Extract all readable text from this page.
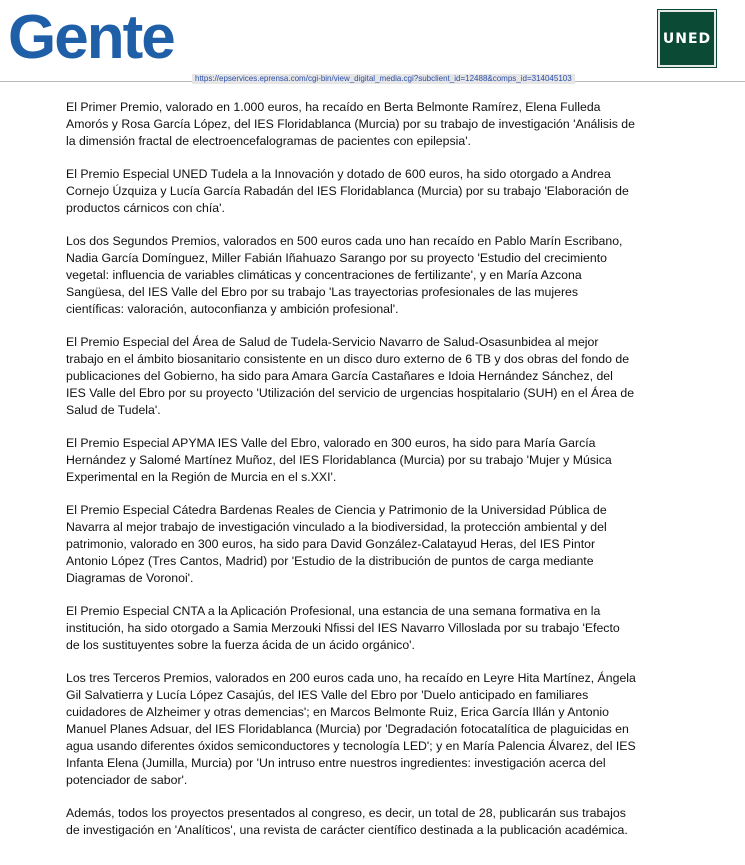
Gente	UNED
https://epservices.eprensa.com/cgi-bin/view_digital_media.cgi?subclient_id=12488&comps_id=314045103

El Primer Premio, valorado en 1.000 euros, ha recaído en Berta Belmonte Ramírez, Elena Fulleda Amorós y Rosa García López, del IES Floridablanca (Murcia) por su trabajo de investigación 'Análisis de la dimensión fractal de electroencefalogramas de pacientes con epilepsia'.

El Premio Especial UNED Tudela a la Innovación y dotado de 600 euros, ha sido otorgado a Andrea Cornejo Úzquiza y Lucía García Rabadán del IES Floridablanca (Murcia) por su trabajo 'Elaboración de productos cárnicos con chía'.

Los dos Segundos Premios, valorados en 500 euros cada uno han recaído en Pablo Marín Escribano, Nadia García Domínguez, Miller Fabián Iñahuazo Sarango por su proyecto 'Estudio del crecimiento vegetal: influencia de variables climáticas y concentraciones de fertilizante', y en María Azcona Sangüesa, del IES Valle del Ebro por su trabajo 'Las trayectorias profesionales de las mujeres científicas: valoración, autoconfianza y ambición profesional'.

El Premio Especial del Área de Salud de Tudela-Servicio Navarro de Salud-Osasunbidea al mejor trabajo en el ámbito biosanitario consistente en un disco duro externo de 6 TB y dos obras del fondo de publicaciones del Gobierno, ha sido para Amara García Castañares e Idoia Hernández Sánchez, del IES Valle del Ebro por su proyecto 'Utilización del servicio de urgencias hospitalario (SUH) en el Área de Salud de Tudela'.

El Premio Especial APYMA IES Valle del Ebro, valorado en 300 euros, ha sido para María García Hernández y Salomé Martínez Muñoz, del IES Floridablanca (Murcia) por su trabajo 'Mujer y Música Experimental en la Región de Murcia en el s.XXI'.

El Premio Especial Cátedra Bardenas Reales de Ciencia y Patrimonio de la Universidad Pública de Navarra al mejor trabajo de investigación vinculado a la biodiversidad, la protección ambiental y del patrimonio, valorado en 300 euros, ha sido para David González-Calatayud Heras, del IES Pintor Antonio López (Tres Cantos, Madrid) por 'Estudio de la distribución de puntos de carga mediante Diagramas de Voronoi'.

El Premio Especial CNTA a la Aplicación Profesional, una estancia de una semana formativa en la institución, ha sido otorgado a Samia Merzouki Nfissi del IES Navarro Villoslada por su trabajo 'Efecto de los sustituyentes sobre la fuerza ácida de un ácido orgánico'.

Los tres Terceros Premios, valorados en 200 euros cada uno, ha recaído en Leyre Hita Martínez, Ángela Gil Salvatierra y Lucía López Casajús, del IES Valle del Ebro por 'Duelo anticipado en familiares cuidadores de Alzheimer y otras demencias'; en Marcos Belmonte Ruiz, Erica García Illán y Antonio Manuel Planes Adsuar, del IES Floridablanca (Murcia) por 'Degradación fotocatalítica de plaguicidas en agua usando diferentes óxidos semiconductores y tecnología LED'; y en María Palencia Álvarez, del IES Infanta Elena (Jumilla, Murcia) por 'Un intruso entre nuestros ingredientes: investigación acerca del potenciador de sabor'.

Además, todos los proyectos presentados al congreso, es decir, un total de 28, publicarán sus trabajos de investigación en 'Analíticos', una revista de carácter científico destinada a la publicación académica.
